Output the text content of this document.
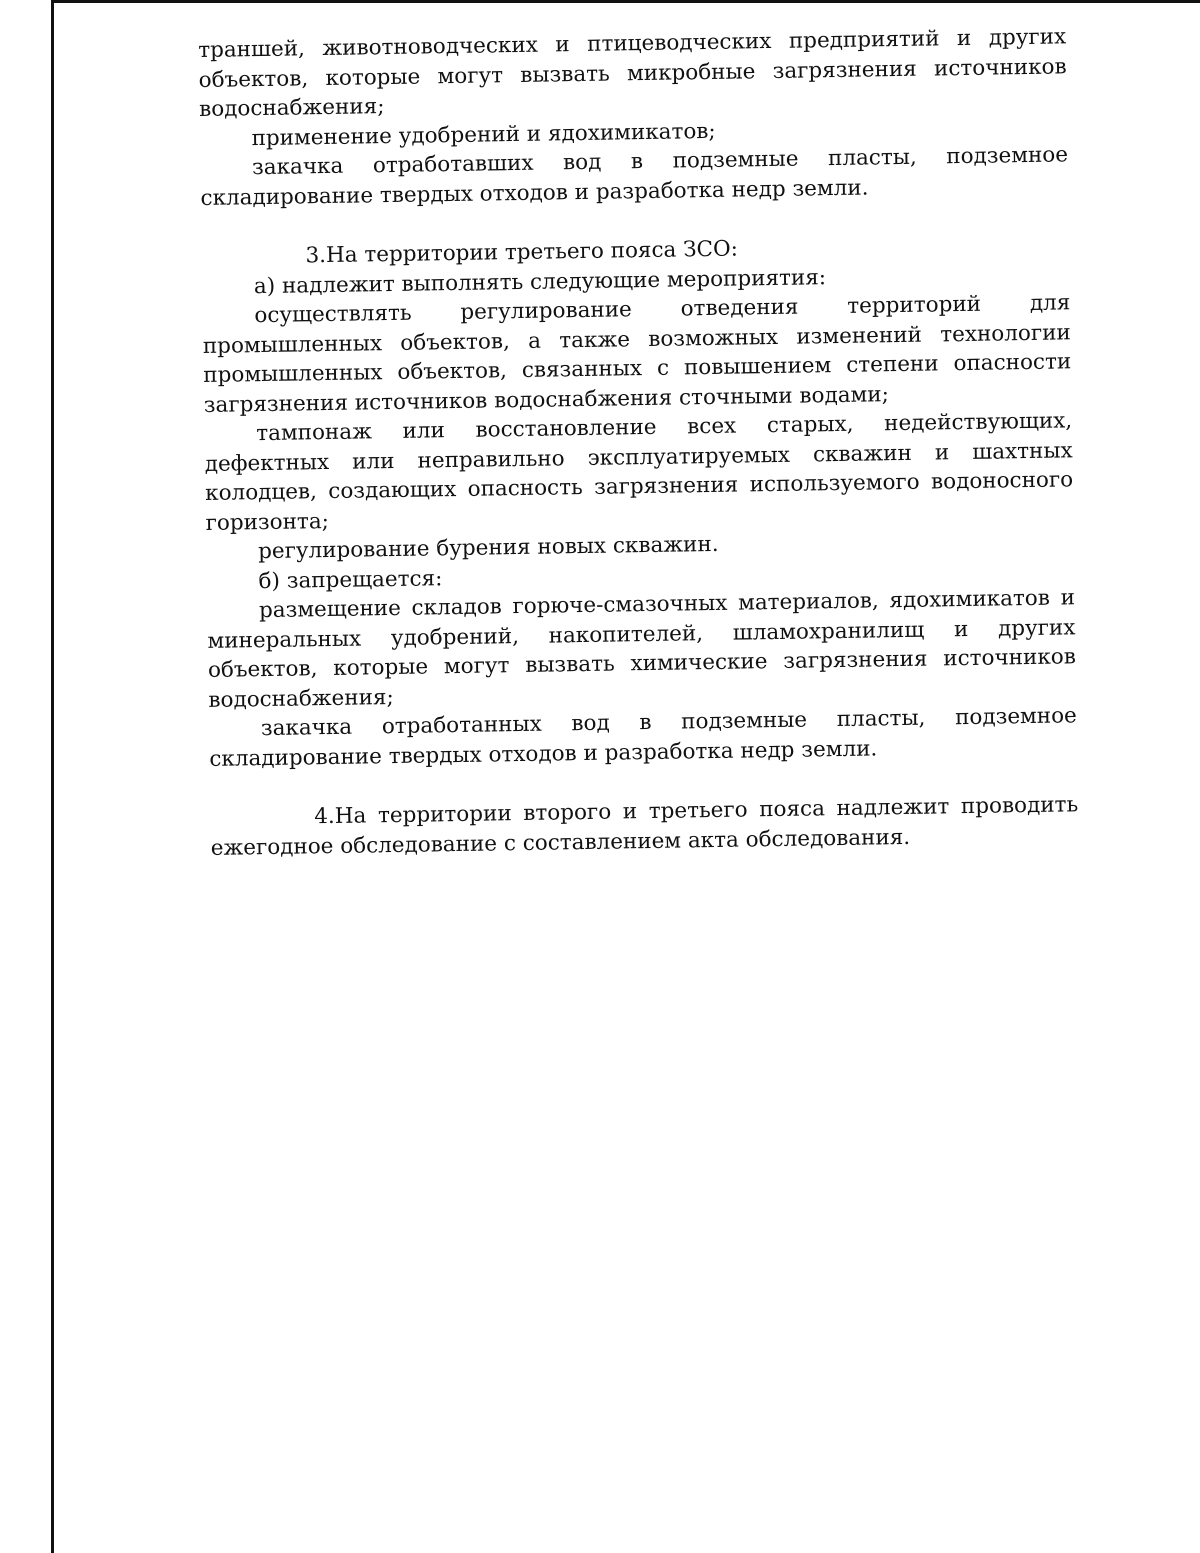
траншей, животноводческих и птицеводческих предприятий и других объектов, которые могут вызвать микробные загрязнения источников водоснабжения;

применение удобрений и ядохимикатов;

закачка отработавших вод в подземные пласты, подземное складирование твердых отходов и разработка недр земли.

3.На территории третьего пояса ЗСО:

а) надлежит выполнять следующие мероприятия:

осуществлять регулирование отведения территорий для промышленных объектов, а также возможных изменений технологии промышленных объектов, связанных с повышением степени опасности загрязнения источников водоснабжения сточными водами;

тампонаж или восстановление всех старых, недействующих, дефектных или неправильно эксплуатируемых скважин и шахтных колодцев, создающих опасность загрязнения используемого водоносного горизонта;

регулирование бурения новых скважин.

б) запрещается:

размещение складов горюче-смазочных материалов, ядохимикатов и минеральных удобрений, накопителей, шламохранилищ и других объектов, которые могут вызвать химические загрязнения источников водоснабжения;

закачка отработанных вод в подземные пласты, подземное складирование твердых отходов и разработка недр земли.

4.На территории второго и третьего пояса надлежит проводить ежегодное обследование с составлением акта обследования.
